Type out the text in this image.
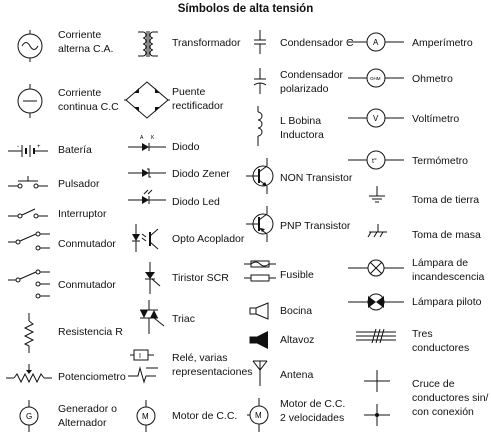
Símbolos de alta tensión
Corriente
alterna C.A.
Corriente
continua C.C
-	+ Batería
Pulsador
Interruptor
Conmutador
Conmutador
Resistencia R
Potenciometro
G
Generador o
Alternador
Transformador
Puente
rectificador
A K
Diodo
Diodo Zener
Diodo Led
Opto Acoplador
Tiristor SCR
Triac
I	Relé, varias
representaciones
M Motor de C.C.
Condensador C
Condensador
polarizado
L Bobina
Inductora
NON Transistor
PNP Transistor
Fusible
Bocina
Altavoz
Antena
M
Motor de C.C.
2 velocidades
A	Amperímetro
OHM	Ohmetro
V	Voltímetro
t°	Termómetro
Toma de tierra
Toma de masa
Lámpara de
incandescencia
Lámpara piloto
Tres
conductores
Cruce de
conductores sin/
con conexión
